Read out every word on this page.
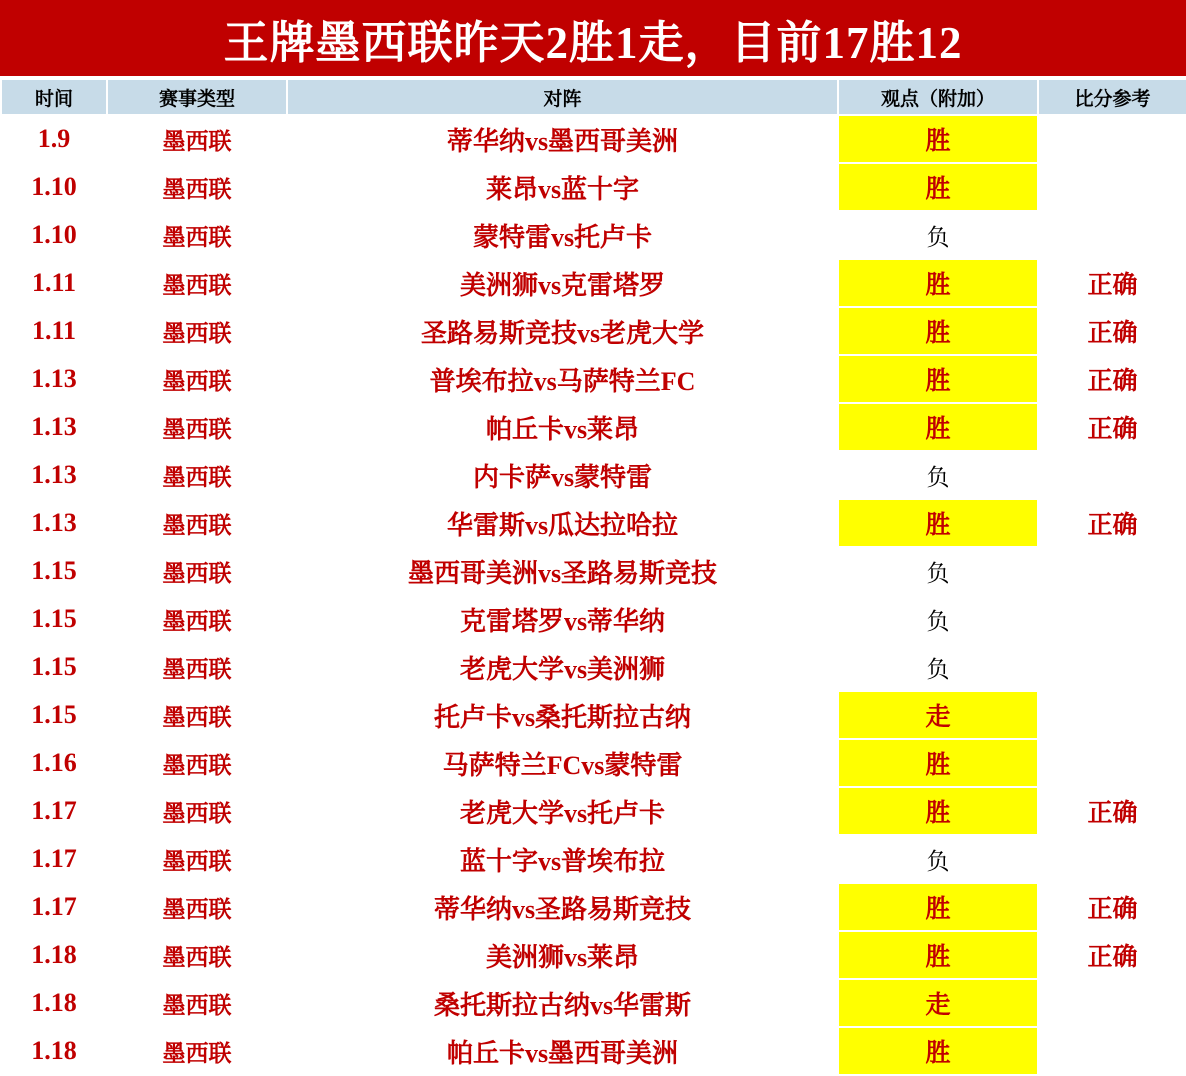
王牌墨西联昨天2胜1走，目前17胜12
时间	赛事类型	对阵	观点（附加）	比分参考
1.9	墨西联	蒂华纳vs墨西哥美洲	胜	
1.10	墨西联	莱昂vs蓝十字	胜	
1.10	墨西联	蒙特雷vs托卢卡	负	
1.11	墨西联	美洲狮vs克雷塔罗	胜	正确
1.11	墨西联	圣路易斯竞技vs老虎大学	胜	正确
1.13	墨西联	普埃布拉vs马萨特兰FC	胜	正确
1.13	墨西联	帕丘卡vs莱昂	胜	正确
1.13	墨西联	内卡萨vs蒙特雷	负	
1.13	墨西联	华雷斯vs瓜达拉哈拉	胜	正确
1.15	墨西联	墨西哥美洲vs圣路易斯竞技	负	
1.15	墨西联	克雷塔罗vs蒂华纳	负	
1.15	墨西联	老虎大学vs美洲狮	负	
1.15	墨西联	托卢卡vs桑托斯拉古纳	走	
1.16	墨西联	马萨特兰FCvs蒙特雷	胜	
1.17	墨西联	老虎大学vs托卢卡	胜	正确
1.17	墨西联	蓝十字vs普埃布拉	负	
1.17	墨西联	蒂华纳vs圣路易斯竞技	胜	正确
1.18	墨西联	美洲狮vs莱昂	胜	正确
1.18	墨西联	桑托斯拉古纳vs华雷斯	走	
1.18	墨西联	帕丘卡vs墨西哥美洲	胜	
